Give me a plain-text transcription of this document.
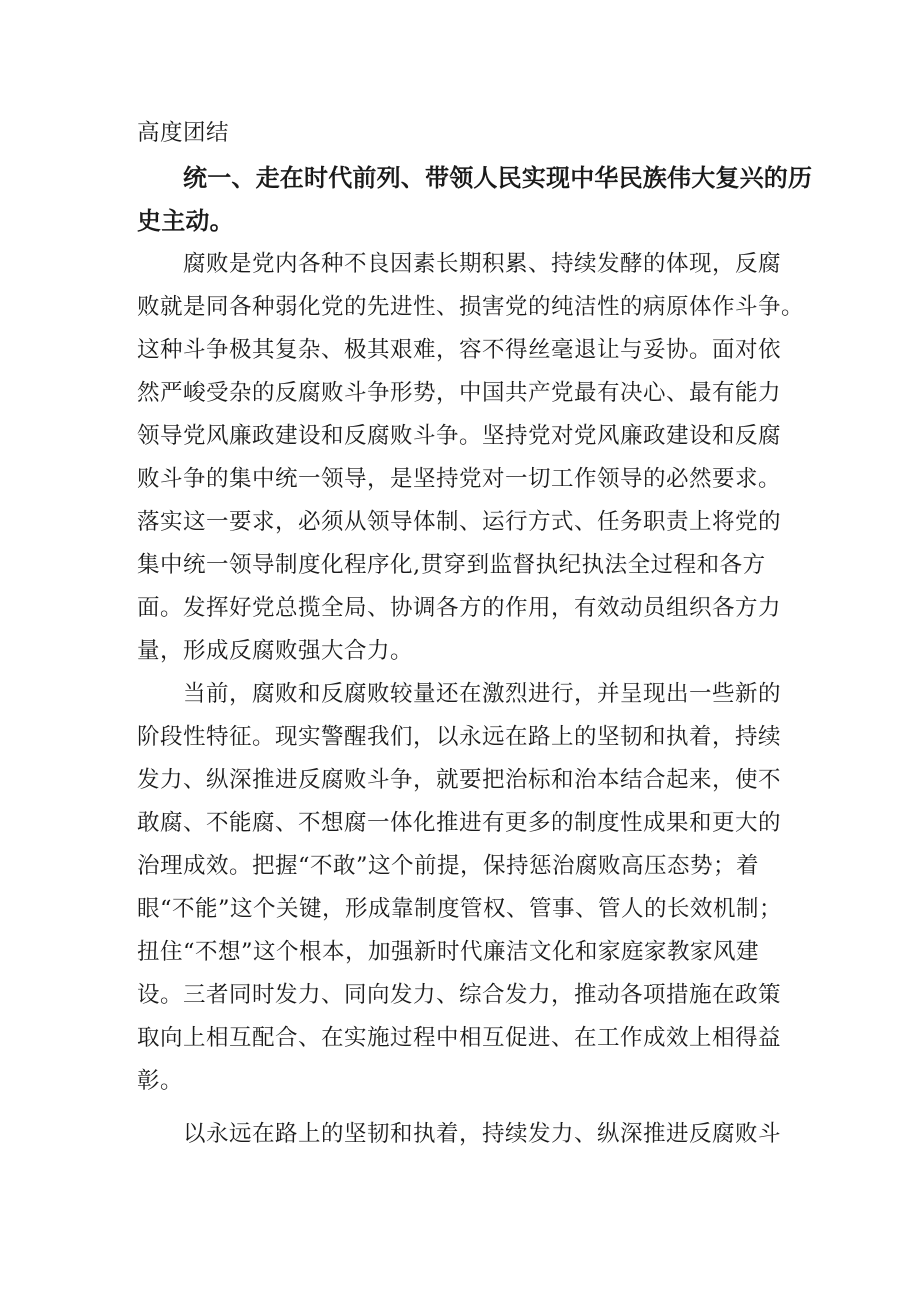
高度团结
统一、走在时代前列、带领人民实现中华民族伟大复兴的历
史主动。
腐败是党内各种不良因素长期积累、持续发酵的体现，反腐
败就是同各种弱化党的先进性、损害党的纯洁性的病原体作斗争。
这种斗争极其复杂、极其艰难，容不得丝毫退让与妥协。面对依
然严峻受杂的反腐败斗争形势，中国共产党最有决心、最有能力
领导党风廉政建设和反腐败斗争。坚持党对党风廉政建设和反腐
败斗争的集中统一领导，是坚持党对一切工作领导的必然要求。
落实这一要求，必须从领导体制、运行方式、任务职责上将党的
集中统一领导制度化程序化,贯穿到监督执纪执法全过程和各方
面。发挥好党总揽全局、协调各方的作用，有效动员组织各方力
量，形成反腐败强大合力。
当前，腐败和反腐败较量还在激烈进行，并呈现出一些新的
阶段性特征。现实警醒我们，以永远在路上的坚韧和执着，持续
发力、纵深推进反腐败斗争，就要把治标和治本结合起来，使不
敢腐、不能腐、不想腐一体化推进有更多的制度性成果和更大的
治理成效。把握“不敢”这个前提，保持惩治腐败高压态势；着
眼“不能”这个关键，形成靠制度管权、管事、管人的长效机制；
扭住“不想”这个根本，加强新时代廉洁文化和家庭家教家风建
设。三者同时发力、同向发力、综合发力，推动各项措施在政策
取向上相互配合、在实施过程中相互促进、在工作成效上相得益
彰。
以永远在路上的坚韧和执着，持续发力、纵深推进反腐败斗
